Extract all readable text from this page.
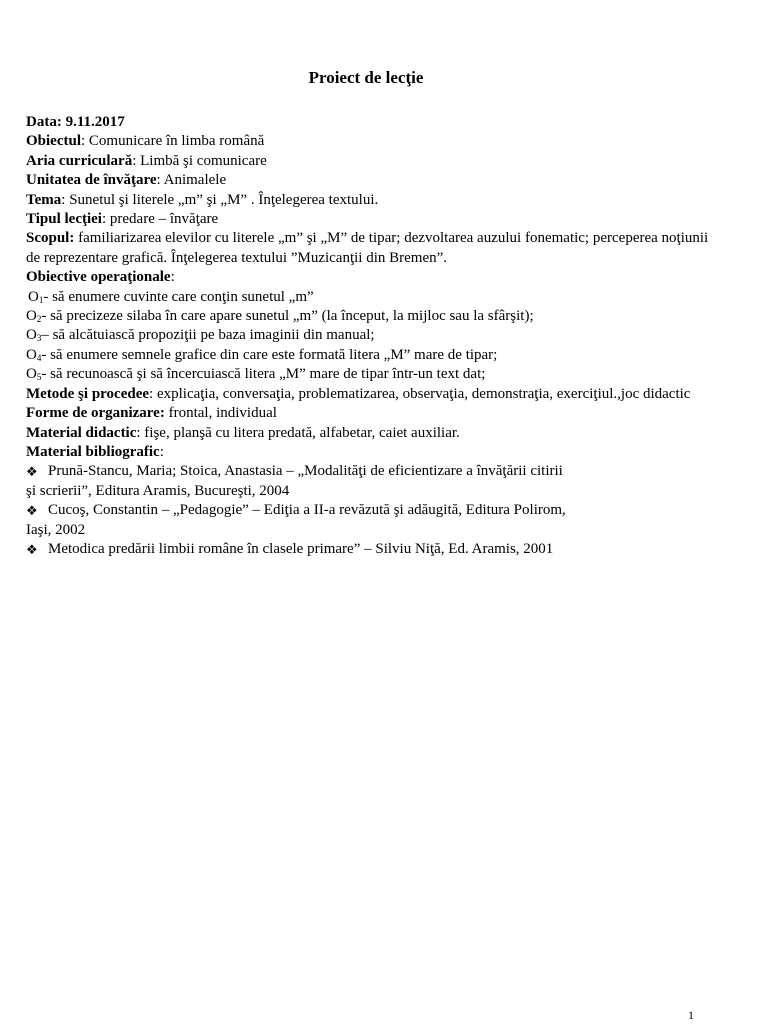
Proiect de lecţie
Data: 9.11.2017
Obiectul: Comunicare în limba română
Aria curriculară: Limbă şi comunicare
Unitatea de învăţare: Animalele
Tema: Sunetul şi literele „m” şi „M” . Înţelegerea textului.
Tipul lecţiei: predare – învăţare
Scopul: familiarizarea elevilor cu literele „m” şi „M” de tipar; dezvoltarea auzului fonematic; perceperea noţiunii de reprezentare grafică. Înţelegerea textului ”Muzicanţii din Bremen”.
Obiective operaţionale:
$O_1-$ să enumere cuvinte care conţin sunetul „m”
$O_2-$ să precizeze silaba în care apare sunetul „m” (la început, la mijloc sau la sfârşit);
$O_3-$ să alcătuiască propoziţii pe baza imaginii din manual;
$O_4-$ să enumere semnele grafice din care este formată litera „M” mare de tipar;
$O_5-$ să recunoască şi să încercuiască litera „M” mare de tipar într-un text dat;
Metode şi procedee: explicaţia, conversaţia, problematizarea, observaţia, demonstraţia, exerciţiul.,joc didactic
Forme de organizare: frontal, individual
Material didactic: fişe, planşă cu litera predată, alfabetar, caiet auxiliar.
Material bibliografic:
❖ Prună-Stancu, Maria; Stoica, Anastasia – „Modalităţi de eficientizare a învăţării citirii
şi scrierii”, Editura Aramis, Bucureşti, 2004
❖ Cucoş, Constantin – „Pedagogie” – Ediţia a II-a revăzută şi adăugită, Editura Polirom,
Iaşi, 2002
❖ Metodica predării limbii române în clasele primare” – Silviu Niţă, Ed. Aramis, 2001
1
